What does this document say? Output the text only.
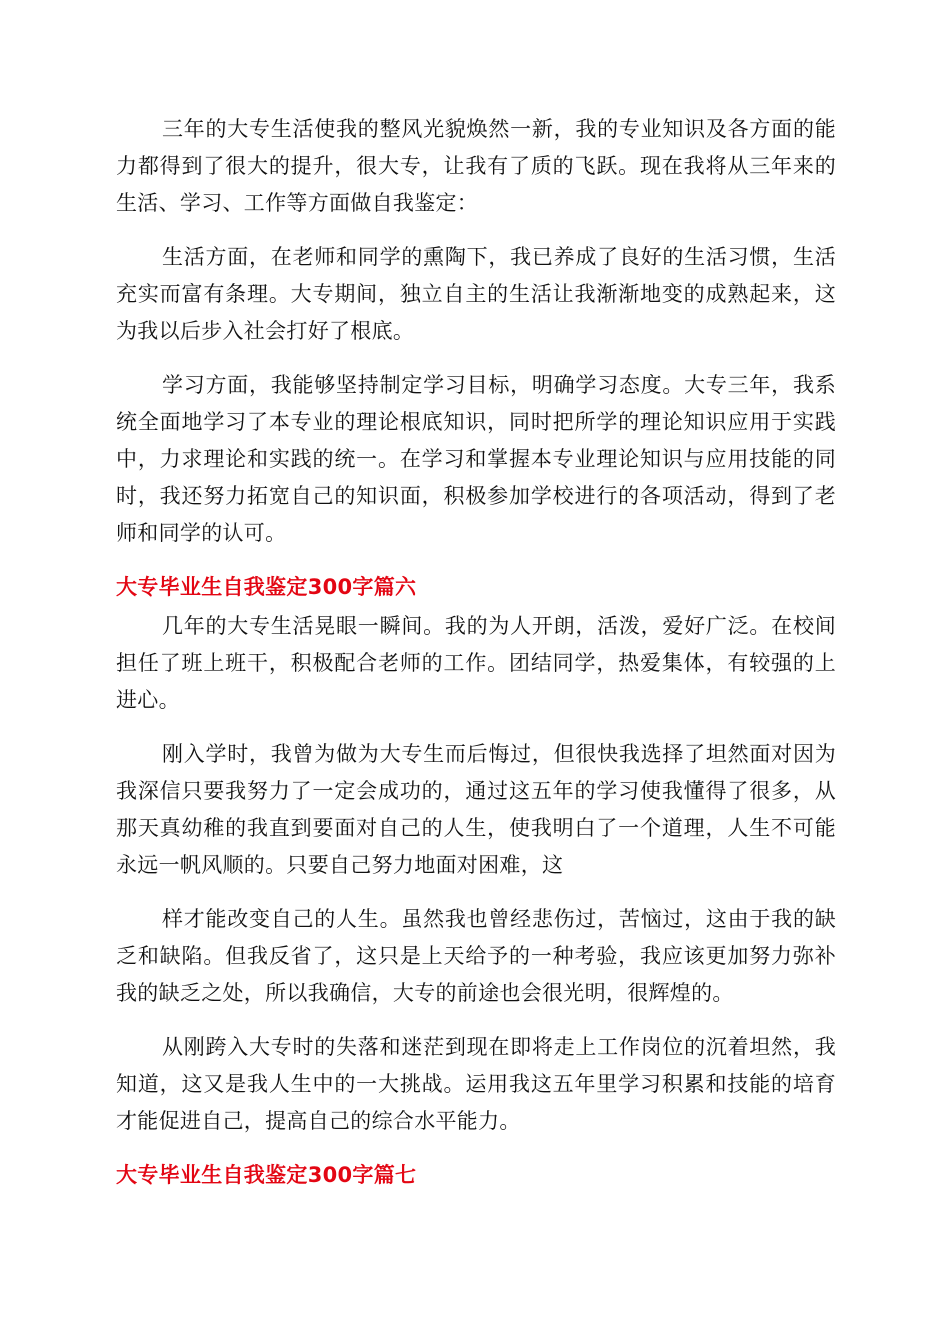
三年的大专生活使我的整风光貌焕然一新，我的专业知识及各方面的能力都得到了很大的提升，很大专，让我有了质的飞跃。现在我将从三年来的生活、学习、工作等方面做自我鉴定：

生活方面，在老师和同学的熏陶下，我已养成了良好的生活习惯，生活充实而富有条理。大专期间，独立自主的生活让我渐渐地变的成熟起来，这为我以后步入社会打好了根底。

学习方面，我能够坚持制定学习目标，明确学习态度。大专三年，我系统全面地学习了本专业的理论根底知识，同时把所学的理论知识应用于实践中，力求理论和实践的统一。在学习和掌握本专业理论知识与应用技能的同时，我还努力拓宽自己的知识面，积极参加学校进行的各项活动，得到了老师和同学的认可。

大专毕业生自我鉴定300字篇六

几年的大专生活晃眼一瞬间。我的为人开朗，活泼，爱好广泛。在校间担任了班上班干，积极配合老师的工作。团结同学，热爱集体，有较强的上进心。

刚入学时，我曾为做为大专生而后悔过，但很快我选择了坦然面对因为我深信只要我努力了一定会成功的，通过这五年的学习使我懂得了很多，从那天真幼稚的我直到要面对自己的人生，使我明白了一个道理，人生不可能永远一帆风顺的。只要自己努力地面对困难，这

样才能改变自己的人生。虽然我也曾经悲伤过，苦恼过，这由于我的缺乏和缺陷。但我反省了，这只是上天给予的一种考验，我应该更加努力弥补我的缺乏之处，所以我确信，大专的前途也会很光明，很辉煌的。

从刚跨入大专时的失落和迷茫到现在即将走上工作岗位的沉着坦然，我知道，这又是我人生中的一大挑战。运用我这五年里学习积累和技能的培育才能促进自己，提高自己的综合水平能力。

大专毕业生自我鉴定300字篇七
